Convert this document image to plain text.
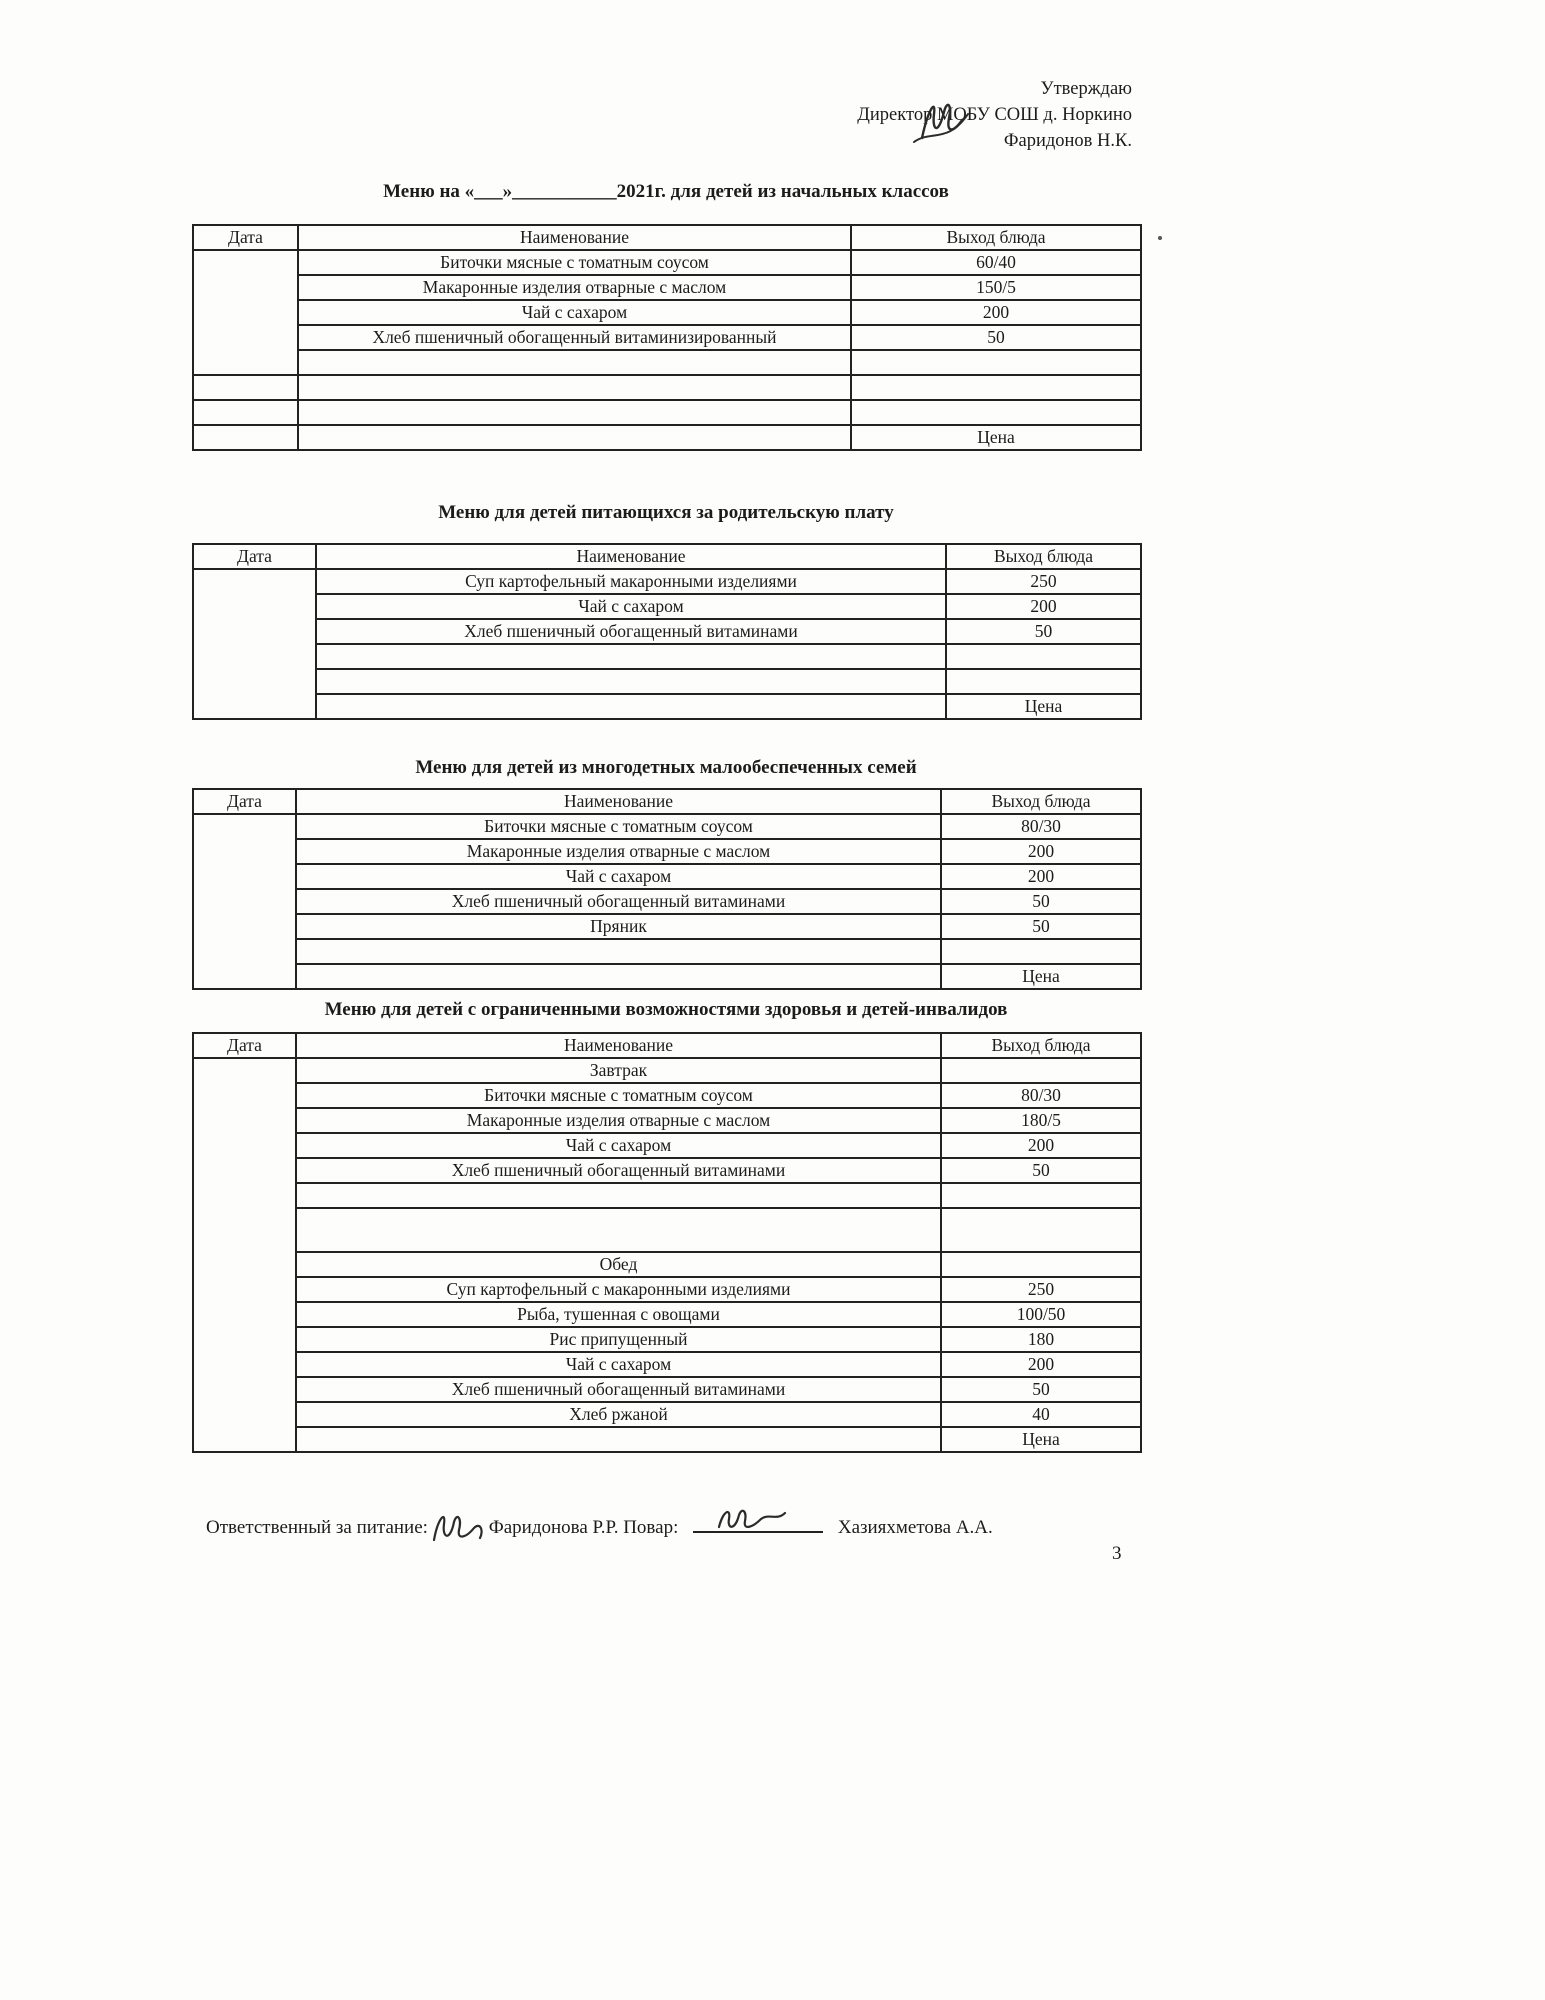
Утверждаю
Директор МОБУ СОШ д. Норкино
Фаридонов Н.К.
Меню на «___»___________2021г. для детей из начальных классов
Дата	Наименование	Выход блюда
	Биточки мясные с томатным соусом	60/40
	Макаронные изделия отварные с маслом	150/5
	Чай с сахаром	200
	Хлеб пшеничный обогащенный витаминизированный	50

		Цена
Меню для детей питающихся за родительскую плату
Дата	Наименование	Выход блюда
	Суп картофельный макаронными изделиями	250
	Чай с сахаром	200
	Хлеб пшеничный обогащенный витаминами	50

		Цена
Меню для детей из многодетных малообеспеченных семей
Дата	Наименование	Выход блюда
	Биточки мясные с томатным соусом	80/30
	Макаронные изделия отварные с маслом	200
	Чай с сахаром	200
	Хлеб пшеничный обогащенный витаминами	50
	Пряник	50

		Цена
Меню для детей с ограниченными возможностями здоровья и детей-инвалидов
Дата	Наименование	Выход блюда
	Завтрак	
	Биточки мясные с томатным соусом	80/30
	Макаронные изделия отварные с маслом	180/5
	Чай с сахаром	200
	Хлеб пшеничный обогащенный витаминами	50

	Обед	
	Суп картофельный с макаронными изделиями	250
	Рыба, тушенная с овощами	100/50
	Рис припущенный	180
	Чай с сахаром	200
	Хлеб пшеничный обогащенный витаминами	50
	Хлеб ржаной	40
		Цена
Ответственный за питание:	Фаридонова Р.Р. Повар:	Хазияхметова А.А.
3
